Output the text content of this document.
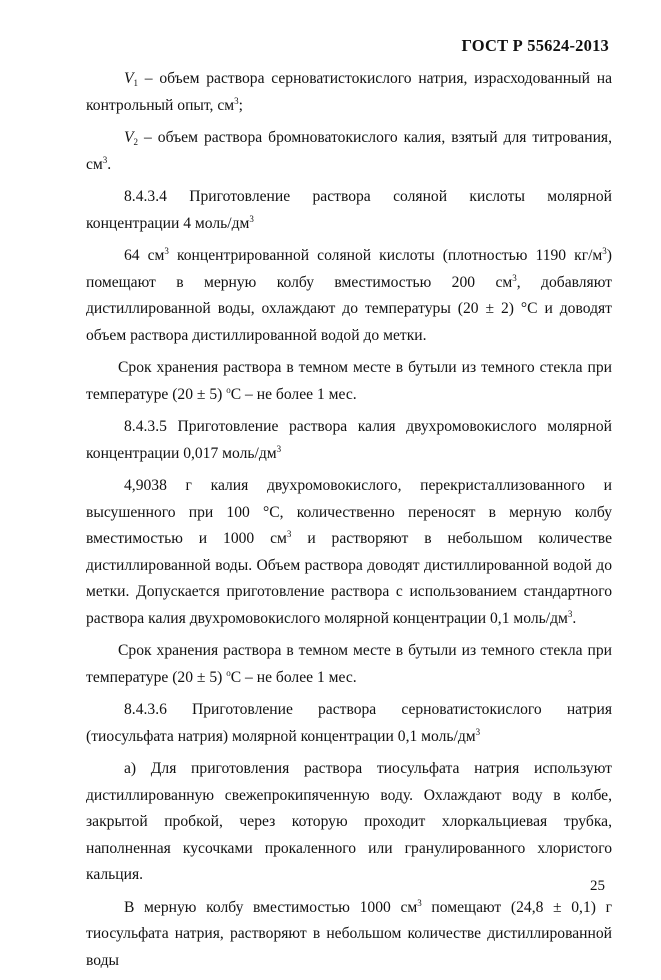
ГОСТ Р 55624-2013

$V_1$ – объем раствора серноватистокислого натрия, израсходованный на контрольный опыт, $см^3$;

$V_2$ – объем раствора бромноватокислого калия, взятый для титрования, $см^3$.

8.4.3.4 Приготовление раствора соляной кислоты молярной концентрации 4 моль/$дм^3$

64 $см^3$ концентрированной соляной кислоты (плотностью 1190 $кг/м^3$) помещают в мерную колбу вместимостью 200 $см^3$, добавляют дистиллированной воды, охлаждают до температуры (20 ± 2) °С и доводят объем раствора дистиллированной водой до метки.

Срок хранения раствора в темном месте в бутыли из темного стекла при температуре (20 ± 5) $^о$С – не более 1 мес.

8.4.3.5 Приготовление раствора калия двухромовокислого молярной концентрации 0,017 моль/$дм^3$

4,9038 г калия двухромовокислого, перекристаллизованного и высушенного при 100 °С, количественно переносят в мерную колбу вместимостью и 1000 $см^3$ и растворяют в небольшом количестве дистиллированной воды. Объем раствора доводят дистиллированной водой до метки. Допускается приготовление раствора с использованием стандартного раствора калия двухромовокислого молярной концентрации 0,1 моль/$дм^3$.

Срок хранения раствора в темном месте в бутыли из темного стекла при температуре (20 ± 5) $^о$С – не более 1 мес.

8.4.3.6 Приготовление раствора серноватистокислого натрия (тиосульфата натрия) молярной концентрации 0,1 моль/$дм^3$

а) Для приготовления раствора тиосульфата натрия используют дистиллированную свежепрокипяченную воду. Охлаждают воду в колбе, закрытой пробкой, через которую проходит хлоркальциевая трубка, наполненная кусочками прокаленного или гранулированного хлористого кальция.

В мерную колбу вместимостью 1000 $см^3$ помещают (24,8 ± 0,1) г тиосульфата натрия, растворяют в небольшом количестве дистиллированной воды

25
